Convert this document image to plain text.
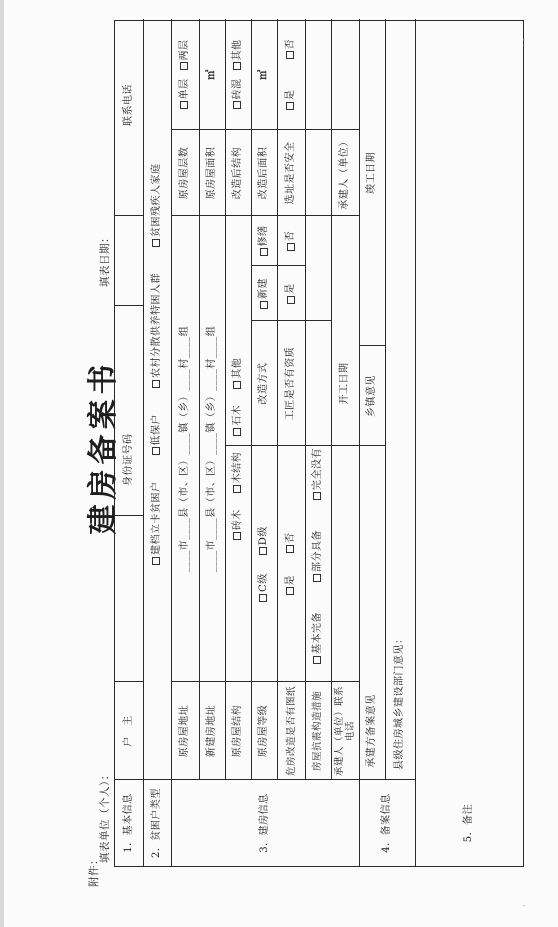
附件：
建房备案书
填表单位（个人）：
填表日期：
1．基本信息
户　主
身份证号码
联系电话
2．贫困户类型
建档立卡贫困户
低保户
农村分散供养特困人群
贫困残疾人家庭
3．建房信息
原房屋地址
____市____县（市、区）____镇（乡）____村____组
原房屋层数
单层
两层
新建房地址
____市____县（市、区）____镇（乡）____村____组
原房屋面积
㎡
原房屋结构
砖木
木结构
石木
其他
改造后结构
砖混
其他
原房屋等级
C级
D级
改造方式
新建
修缮
改造后面积
㎡
危房改造是否有图纸
是
否
工匠是否有资质
是
否
选址是否安全
是
否
房屋抗震构造措施
基本完备
部分具备
完全没有
承建人（单位）联系电话
开工日期
承建人（单位）
4．备案信息
承建方备案意见
乡镇意见
竣工日期
县级住房城乡建设部门意见：
5．备注
· ·
·
